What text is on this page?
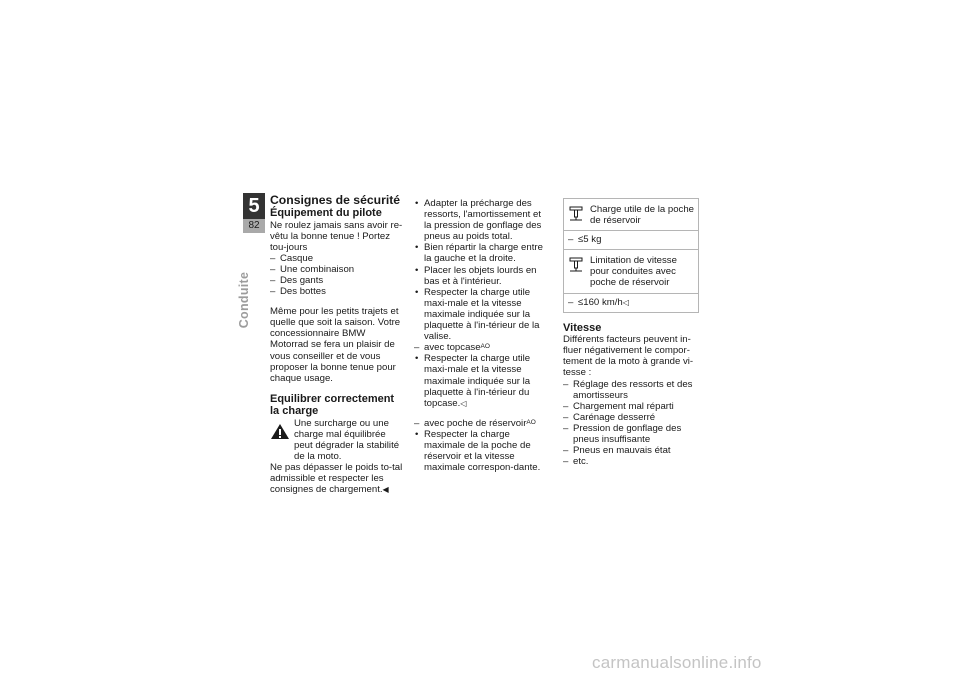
5
82
Conduite

Consignes de sécurité

Équipement du pilote

Ne roulez jamais sans avoir re-vêtu la bonne tenue ! Portez tou-jours

– Casque

– Une combinaison

– Des gants

– Des bottes

Même pour les petits trajets et quelle que soit la saison. Votre concessionnaire BMW Motorrad se fera un plaisir de vous conseiller et de vous proposer la bonne tenue pour chaque usage.

Equilibrer correctement la charge

Une surcharge ou une charge mal équilibrée peut dégrader la stabilité de la moto.

Ne pas dépasser le poids to-tal admissible et respecter les consignes de chargement.◀

• Adapter la précharge des ressorts, l'amortissement et la pression de gonflage des pneus au poids total.

• Bien répartir la charge entre la gauche et la droite.

• Placer les objets lourds en bas et à l'intérieur.

• Respecter la charge utile maxi-male et la vitesse maximale indiquée sur la plaquette à l'in-térieur de la valise.

– avec topcase$^{AO}$

• Respecter la charge utile maxi-male et la vitesse maximale indiquée sur la plaquette à l'in-térieur du topcase.◁

– avec poche de réservoir$^{AO}$

• Respecter la charge maximale de la poche de réservoir et la vitesse maximale correspon-dante.

Charge utile de la poche de réservoir

– ≤5 kg

Limitation de vitesse pour conduites avec poche de réservoir

– ≤160 km/h◁

Vitesse

Différents facteurs peuvent in-fluer négativement le compor-tement de la moto à grande vi-tesse :

– Réglage des ressorts et des amortisseurs

– Chargement mal réparti

– Carénage desserré

– Pression de gonflage des pneus insuffisante

– Pneus en mauvais état

– etc.

carmanualsonline.info
